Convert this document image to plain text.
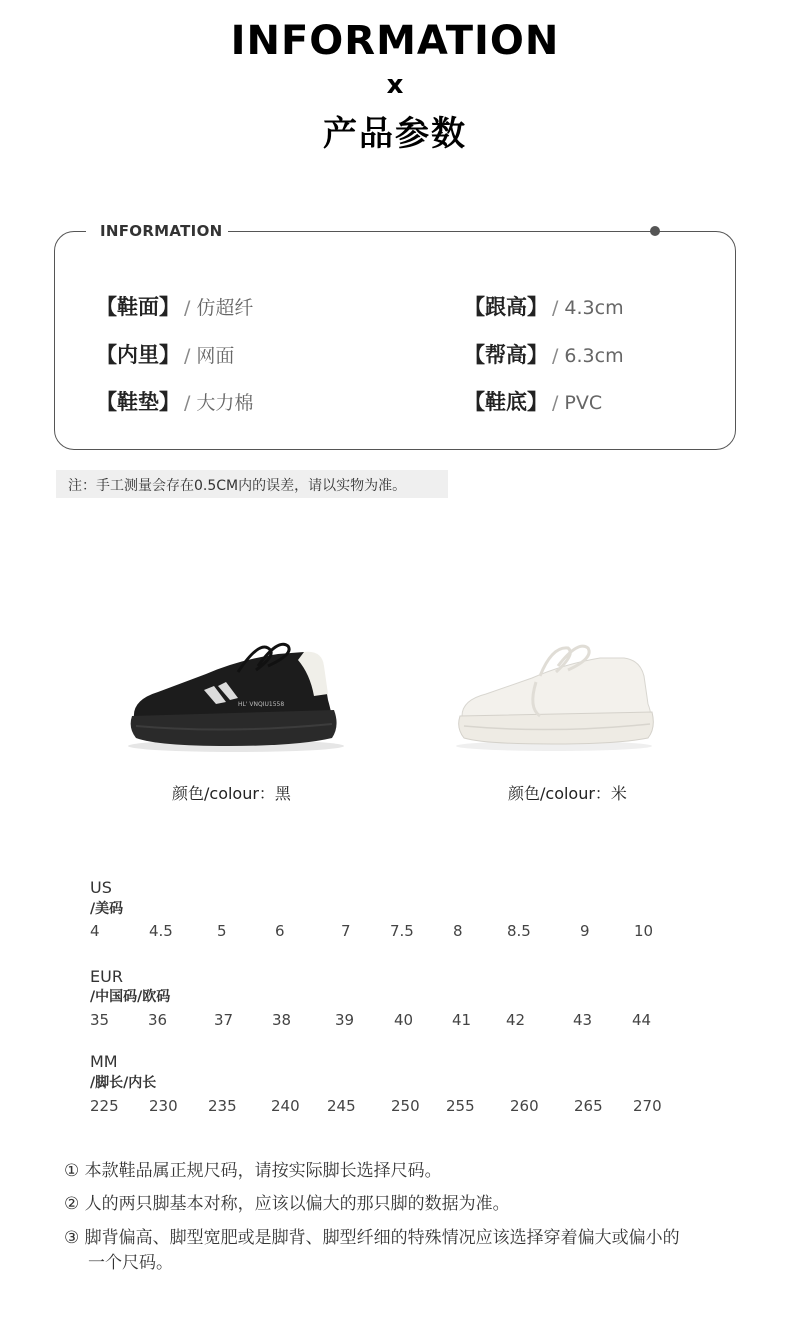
INFORMATION
x
产品参数
INFORMATION
【鞋面】 / 仿超纤
【内里】 / 网面
【鞋垫】 / 大力棉
【跟高】 / 4.3cm
【帮高】 / 6.3cm
【鞋底】 / PVC
注：手工测量会存在0.5CM内的误差，请以实物为准。
HL' VNQIU1558
颜色/colour：黑	颜色/colour：米
US
/美码
4	4.5	5	6	7	7.5	8	8.5	9	10
EUR
/中国码/欧码
35	36	37	38	39	40	41 42	43	44
MM
/脚长/内长
225 230 235 240 245 250 255 260 265 270
① 本款鞋品属正规尺码，请按实际脚长选择尺码。
② 人的两只脚基本对称，应该以偏大的那只脚的数据为准。
③ 脚背偏高、脚型宽肥或是脚背、脚型纤细的特殊情况应该选择穿着偏大或偏小的
一个尺码。
